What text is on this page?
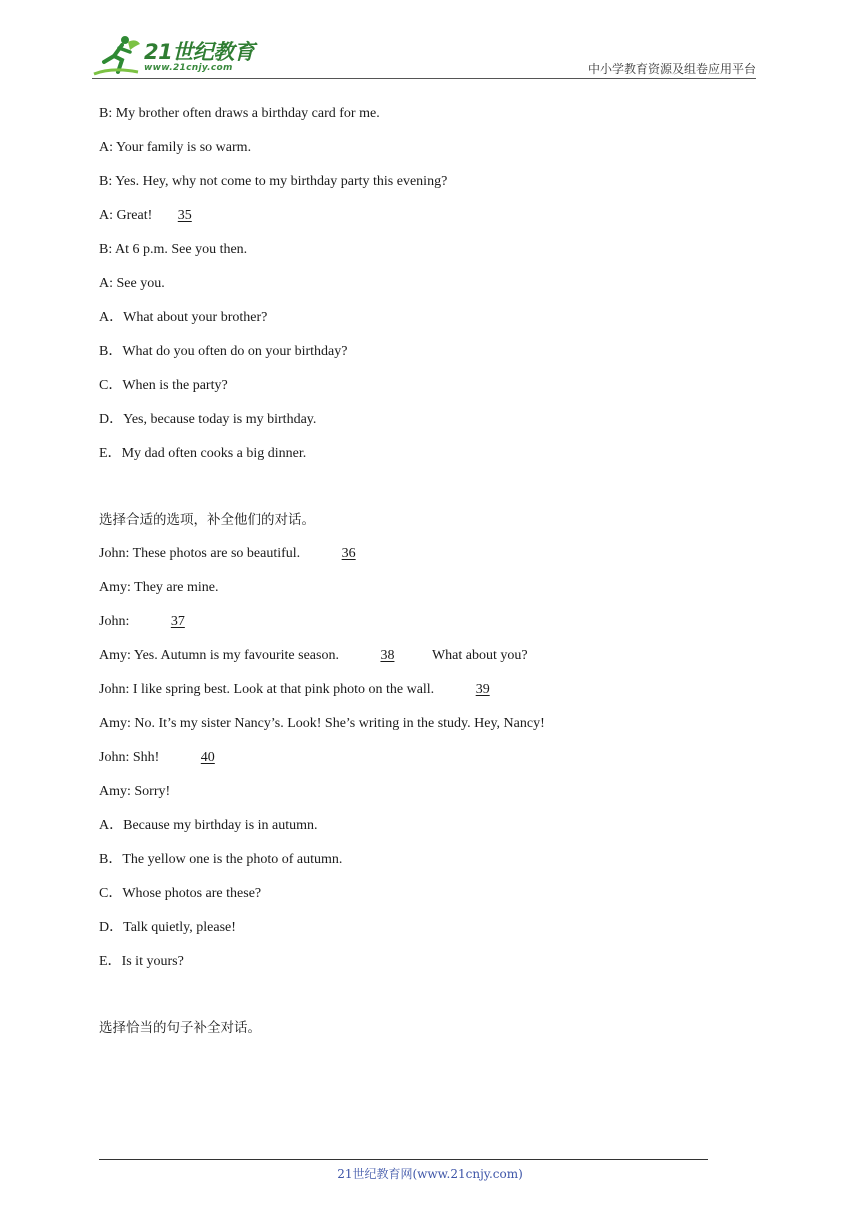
21世纪教育
www.21cnjy.com	中小学教育资源及组卷应用平台
B: My brother often draws a birthday card for me.
A: Your family is so warm.
B: Yes. Hey, why not come to my birthday party this evening?
A: Great! 35
B: At 6 p.m. See you then.
A: See you.
A．What about your brother?
B．What do you often do on your birthday?
C．When is the party?
D．Yes, because today is my birthday.
E．My dad often cooks a big dinner.
选择合适的选项，补全他们的对话。
John: These photos are so beautiful.	36
Amy: They are mine.
John:	37
Amy: Yes. Autumn is my favourite season.	38	What about you?
John: I like spring best. Look at that pink photo on the wall.	39
Amy: No. It’s my sister Nancy’s. Look! She’s writing in the study. Hey, Nancy!
John: Shh!	40
Amy: Sorry!
A．Because my birthday is in autumn.
B．The yellow one is the photo of autumn.
C．Whose photos are these?
D．Talk quietly, please!
E．Is it yours?
选择恰当的句子补全对话。
21世纪教育网(www.21cnjy.com)
